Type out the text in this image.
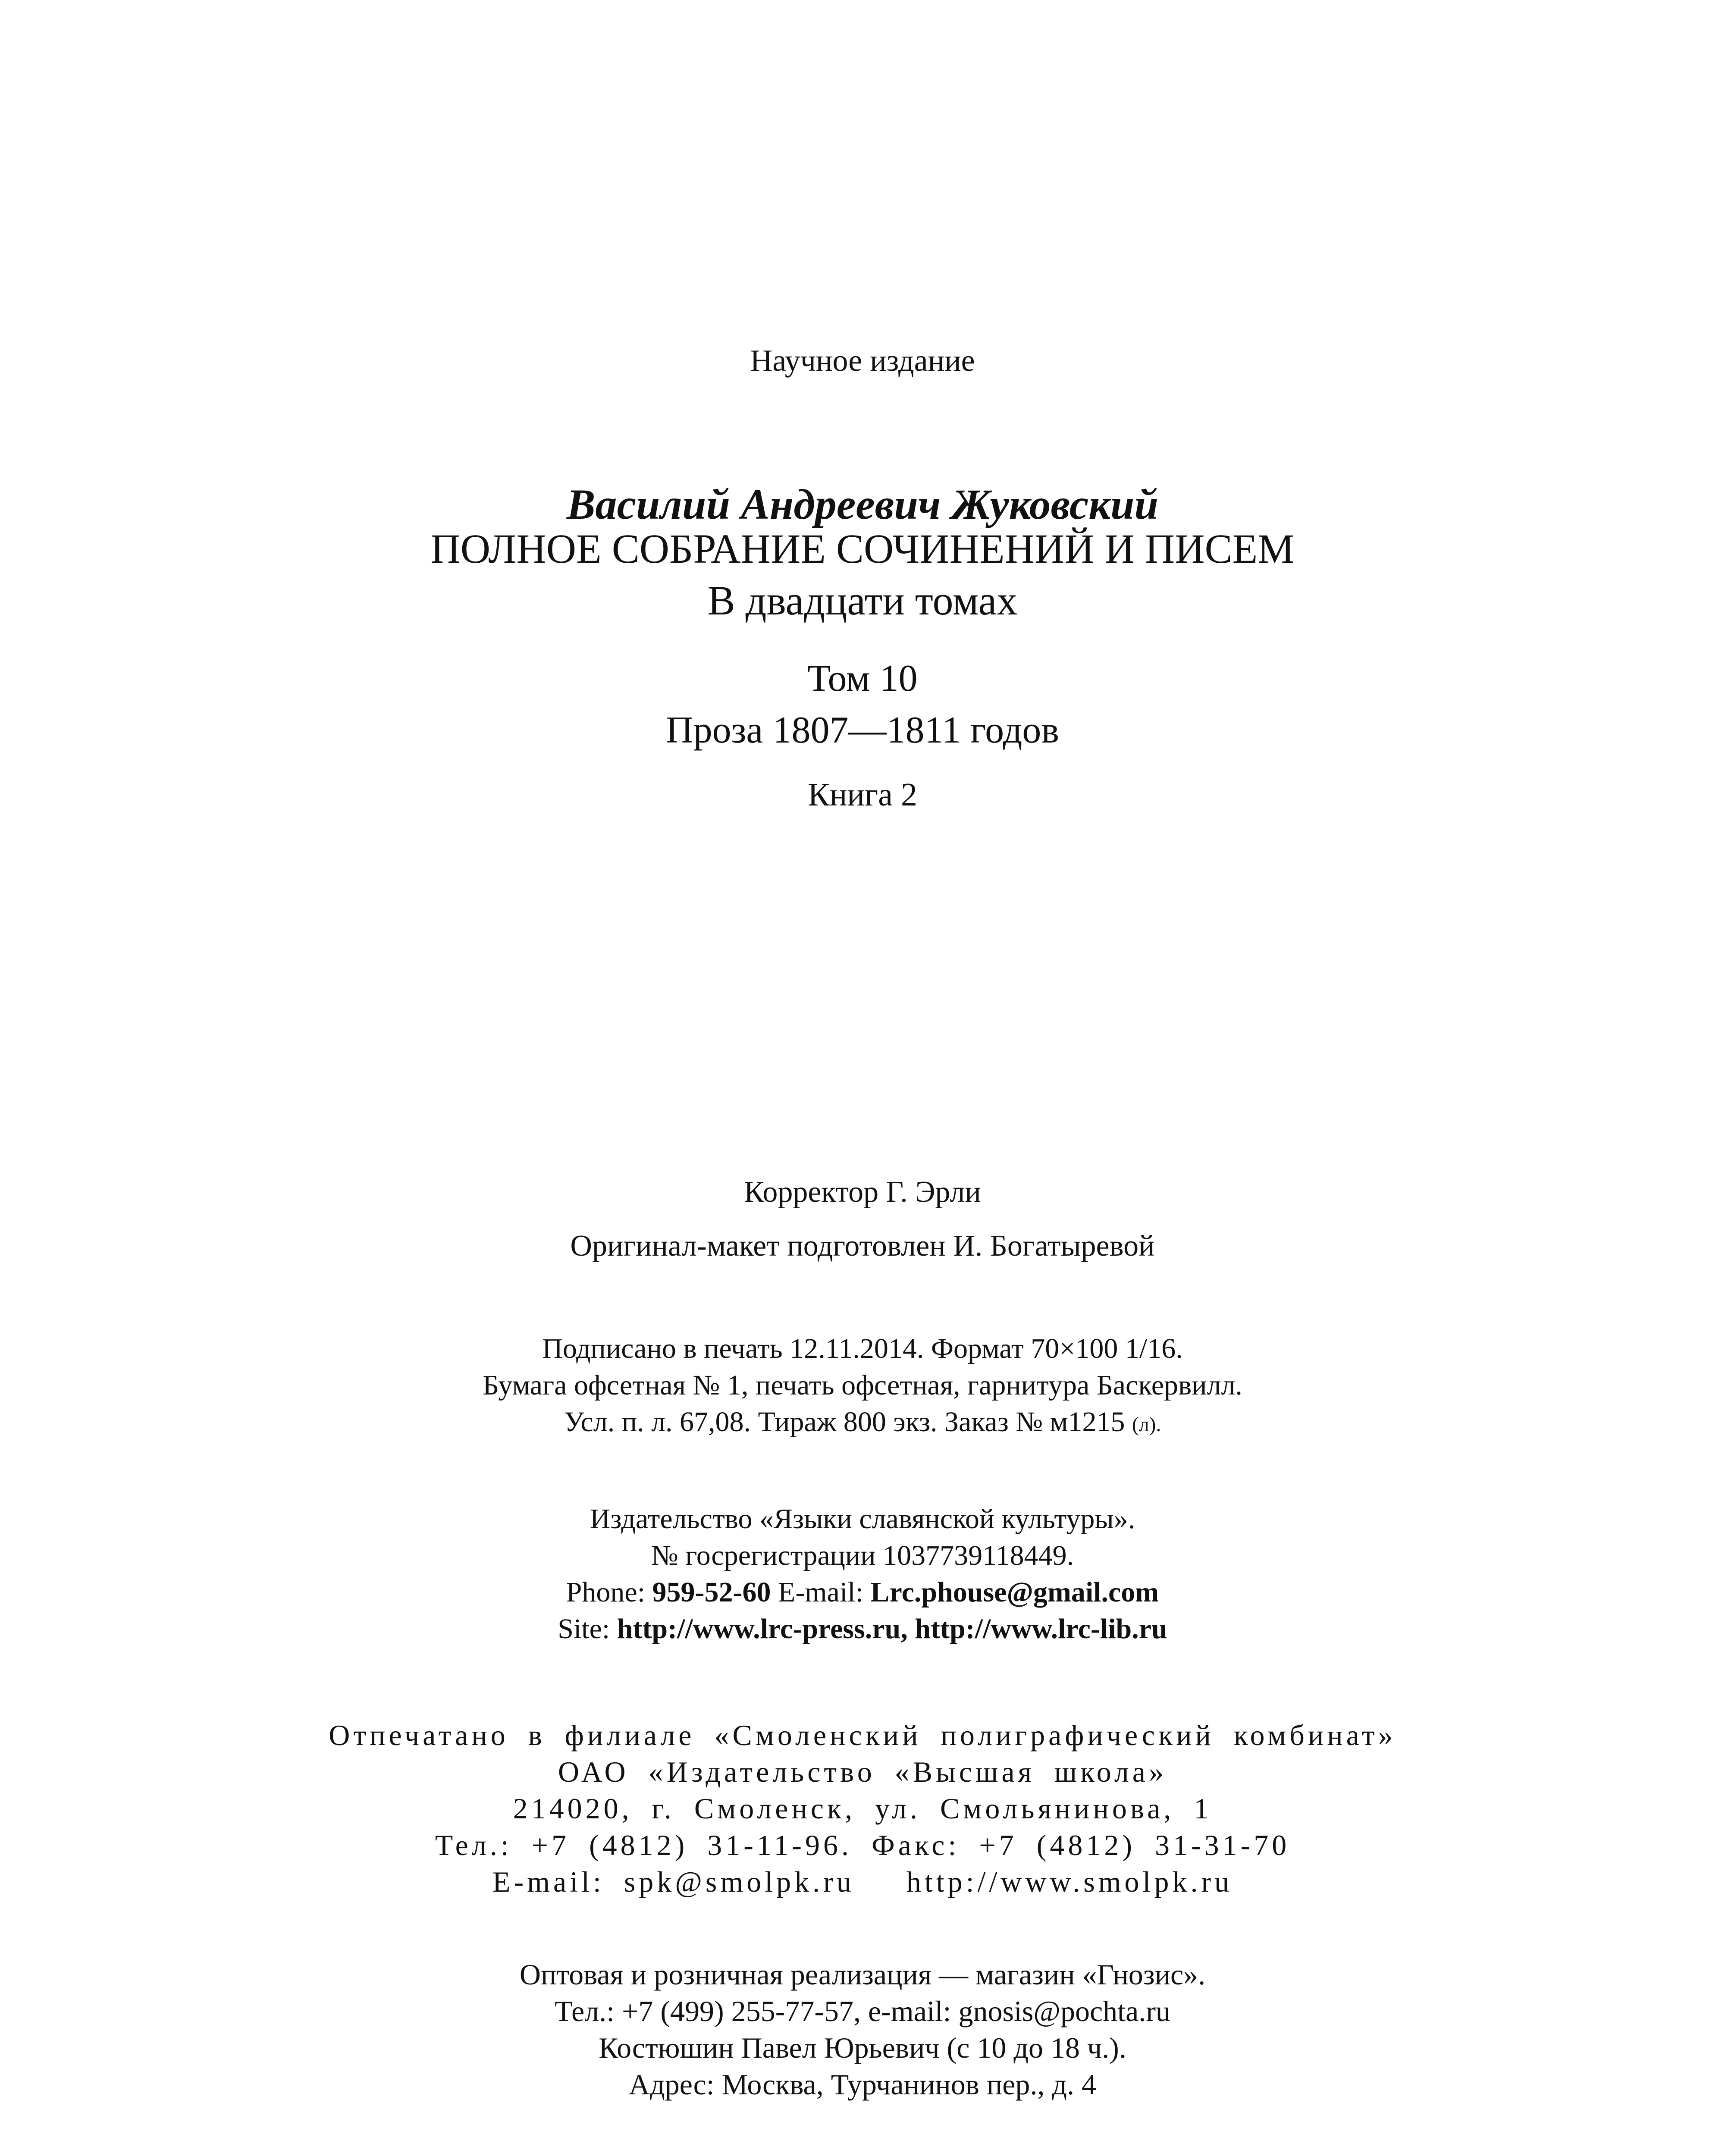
Научное издание
Василий Андреевич Жуковский
ПОЛНОЕ СОБРАНИЕ СОЧИНЕНИЙ И ПИСЕМ
В двадцати томах
Том 10
Проза 1807—1811 годов
Книга 2
Корректор Г. Эрли
Оригинал-макет подготовлен И. Богатыревой
Подписано в печать 12.11.2014. Формат 70×100 1/16.
Бумага офсетная № 1, печать офсетная, гарнитура Баскервилл.
Усл. п. л. 67,08. Тираж 800 экз. Заказ № м1215 (л).
Издательство «Языки славянской культуры».
№ госрегистрации 1037739118449.
Phone: 959-52-60 E-mail: Lrc.phouse@gmail.com
Site: http://www.lrc-press.ru, http://www.lrc-lib.ru
Отпечатано в филиале «Смоленский полиграфический комбинат»
ОАО «Издательство «Высшая школа»
214020, г. Смоленск, ул. Смольянинова, 1
Тел.: +7 (4812) 31-11-96. Факс: +7 (4812) 31-31-70
E-mail: spk@smolpk.ru http://www.smolpk.ru
Оптовая и розничная реализация — магазин «Гнозис».
Тел.: +7 (499) 255-77-57, e-mail: gnosis@pochta.ru
Костюшин Павел Юрьевич (с 10 до 18 ч.).
Адрес: Москва, Турчанинов пер., д. 4
